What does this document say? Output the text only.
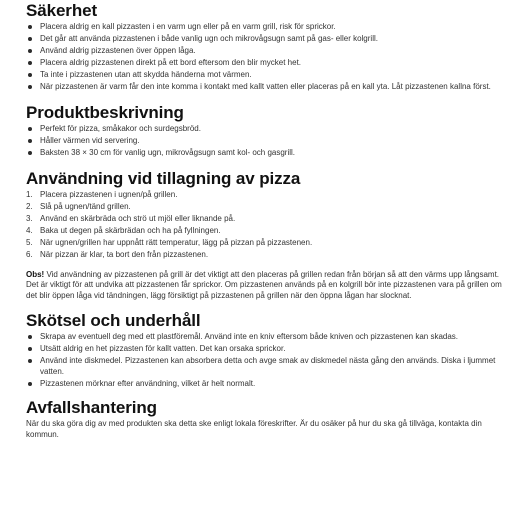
Säkerhet
Placera aldrig en kall pizzasten i en varm ugn eller på en varm grill, risk för sprickor.
Det går att använda pizzastenen i både vanlig ugn och mikrovågsugn samt på gas- eller kolgrill.
Använd aldrig pizzastenen över öppen låga.
Placera aldrig pizzastenen direkt på ett bord eftersom den blir mycket het.
Ta inte i pizzastenen utan att skydda händerna mot värmen.
När pizzastenen är varm får den inte komma i kontakt med kallt vatten eller placeras på en kall yta. Låt pizzastenen kallna först.
Produktbeskrivning
Perfekt för pizza, småkakor och surdegsbröd.
Håller värmen vid servering.
Baksten 38 × 30 cm för vanlig ugn, mikrovågsugn samt kol- och gasgrill.
Användning vid tillagning av pizza
1. Placera pizzastenen i ugnen/på grillen.
2. Slå på ugnen/tänd grillen.
3. Använd en skärbräda och strö ut mjöl eller liknande på.
4. Baka ut degen på skärbrädan och ha på fyllningen.
5. När ugnen/grillen har uppnått rätt temperatur, lägg på pizzan på pizzastenen.
6. När pizzan är klar, ta bort den från pizzastenen.

Obs! Vid användning av pizzastenen på grill är det viktigt att den placeras på grillen redan från början så att den värms upp långsamt. Det är viktigt för att undvika att pizzastenen får sprickor. Om pizzastenen används på en kolgrill bör inte pizzastenen vara på grillen om det blir öppen låga vid tändningen, lägg försiktigt på pizzastenen på grillen när den öppna lågan har slocknat.

Skötsel och underhåll
Skrapa av eventuell deg med ett plastföremål. Använd inte en kniv eftersom både kniven och pizzastenen kan skadas.
Utsätt aldrig en het pizzasten för kallt vatten. Det kan orsaka sprickor.
Använd inte diskmedel. Pizzastenen kan absorbera detta och avge smak av diskmedel nästa gång den används. Diska i ljummet vatten.
Pizzastenen mörknar efter användning, vilket är helt normalt.
Avfallshantering

När du ska göra dig av med produkten ska detta ske enligt lokala föreskrifter. Är du osäker på hur du ska gå tillväga, kontakta din kommun.
